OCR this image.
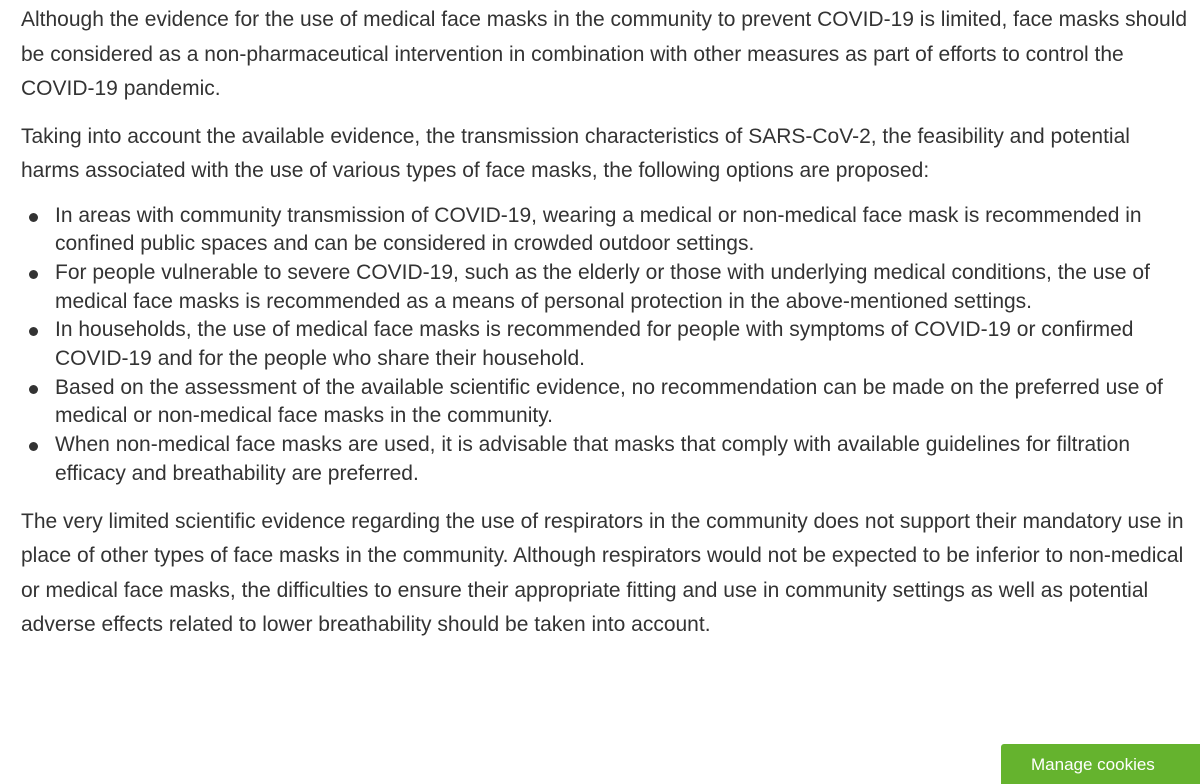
Although the evidence for the use of medical face masks in the community to prevent COVID-19 is limited, face masks should be considered as a non-pharmaceutical intervention in combination with other measures as part of efforts to control the COVID-19 pandemic.

Taking into account the available evidence, the transmission characteristics of SARS-CoV-2, the feasibility and potential harms associated with the use of various types of face masks, the following options are proposed:

In areas with community transmission of COVID-19, wearing a medical or non-medical face mask is recommended in confined public spaces and can be considered in crowded outdoor settings.
For people vulnerable to severe COVID-19, such as the elderly or those with underlying medical conditions, the use of medical face masks is recommended as a means of personal protection in the above-mentioned settings.
In households, the use of medical face masks is recommended for people with symptoms of COVID-19 or confirmed COVID-19 and for the people who share their household.
Based on the assessment of the available scientific evidence, no recommendation can be made on the preferred use of medical or non-medical face masks in the community.
When non-medical face masks are used, it is advisable that masks that comply with available guidelines for filtration efficacy and breathability are preferred.

The very limited scientific evidence regarding the use of respirators in the community does not support their mandatory use in place of other types of face masks in the community. Although respirators would not be expected to be inferior to non-medical or medical face masks, the difficulties to ensure their appropriate fitting and use in community settings as well as potential adverse effects related to lower breathability should be taken into account.

Manage cookies
